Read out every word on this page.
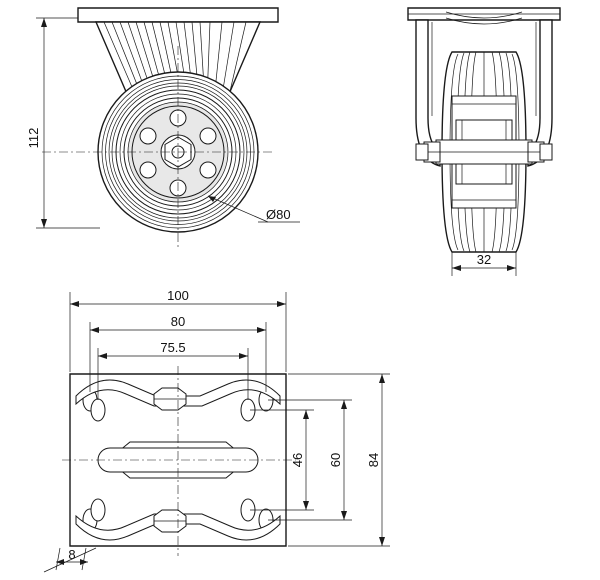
112
Ø80
32
100
80
75.5
46 60 84
8
